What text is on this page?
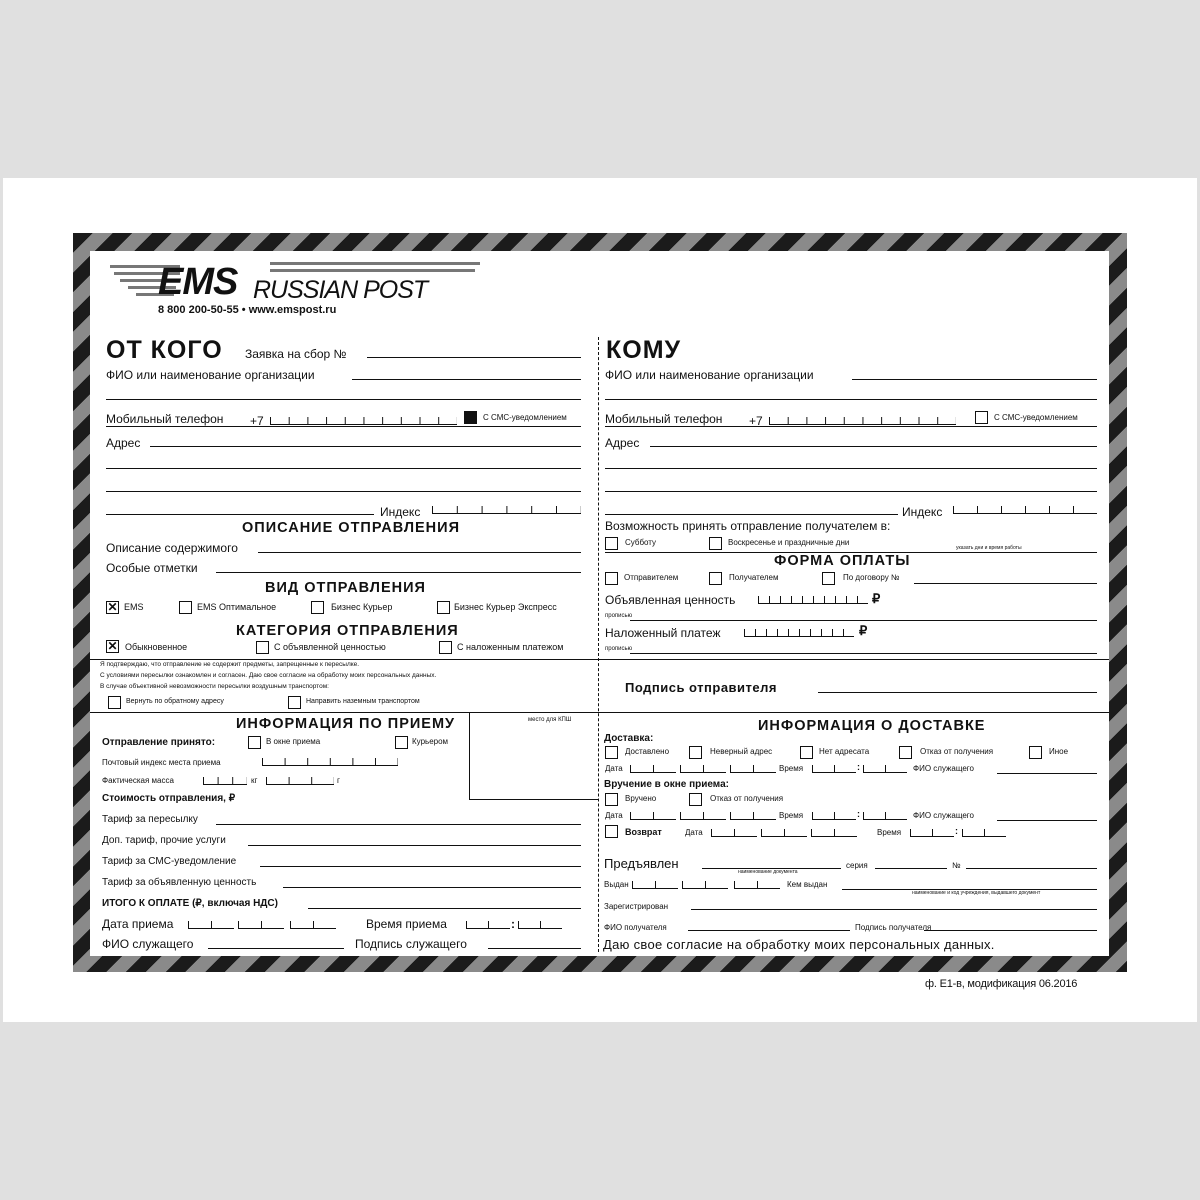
EMS RUSSIAN POST
8 800 200-50-55 • www.emspost.ru
ОТ КОГО Заявка на сбор №
ФИО или наименование организации
Мобильный телефон +7	С СМС-уведомлением
Адрес
Индекс
ОПИСАНИЕ ОТПРАВЛЕНИЯ
Описание содержимого
Особые отметки
ВИД ОТПРАВЛЕНИЯ
✕ EMS	EMS Оптимальное	Бизнес Курьер	Бизнес Курьер Экспресс
КАТЕГОРИЯ ОТПРАВЛЕНИЯ
✕ Обыкновенное	С объявленной ценностью	С наложенным платежом
КОМУ
ФИО или наименование организации
Мобильный телефон +7	С СМС-уведомлением
Адрес
Индекс
Возможность принять отправление получателем в:
Субботу	Воскресенье и праздничные дни
указать дни и время работы
ФОРМА ОПЛАТЫ
Отправителем	Получателем	По договору №
Объявленная ценность	₽
прописью
Наложенный платеж	₽
прописью
Я подтверждаю, что отправление не содержит предметы, запрещенные к пересылке.
С условиями пересылки ознакомлен и согласен. Даю свое согласие на обработку моих персональных данных.
В случае объективной невозможности пересылки воздушным транспортом:
Вернуть по обратному адресу	Направить наземным транспортом
Подпись отправителя
ИНФОРМАЦИЯ ПО ПРИЕМУ	место для КПШ
Отправление принято:	В окне приема	Курьером
Почтовый индекс места приема
Фактическая масса	кг	г
Стоимость отправления, ₽
Тариф за пересылку
Доп. тариф, прочие услуги
Тариф за СМС-уведомление
Тариф за объявленную ценность
ИТОГО К ОПЛАТЕ (₽, включая НДС)
Дата приема	Время приема	:
ФИО служащего	Подпись служащего
ИНФОРМАЦИЯ О ДОСТАВКЕ
Доставка:
Доставлено	Неверный адрес	Нет адресата	Отказ от получения	Иное
Дата	Время	:	ФИО служащего
Вручение в окне приема:
Вручено	Отказ от получения
Дата	Время	:	ФИО служащего
Возврат	Дата	Время	:
Предъявлен
наименование документа
серия	№
Выдан	Кем выдан
наименование и код учреждения, выдавшего документ
Зарегистрирован
ФИО получателя	Подпись получателя
Даю свое согласие на обработку моих персональных данных.
ф. Е1-в, модификация 06.2016
